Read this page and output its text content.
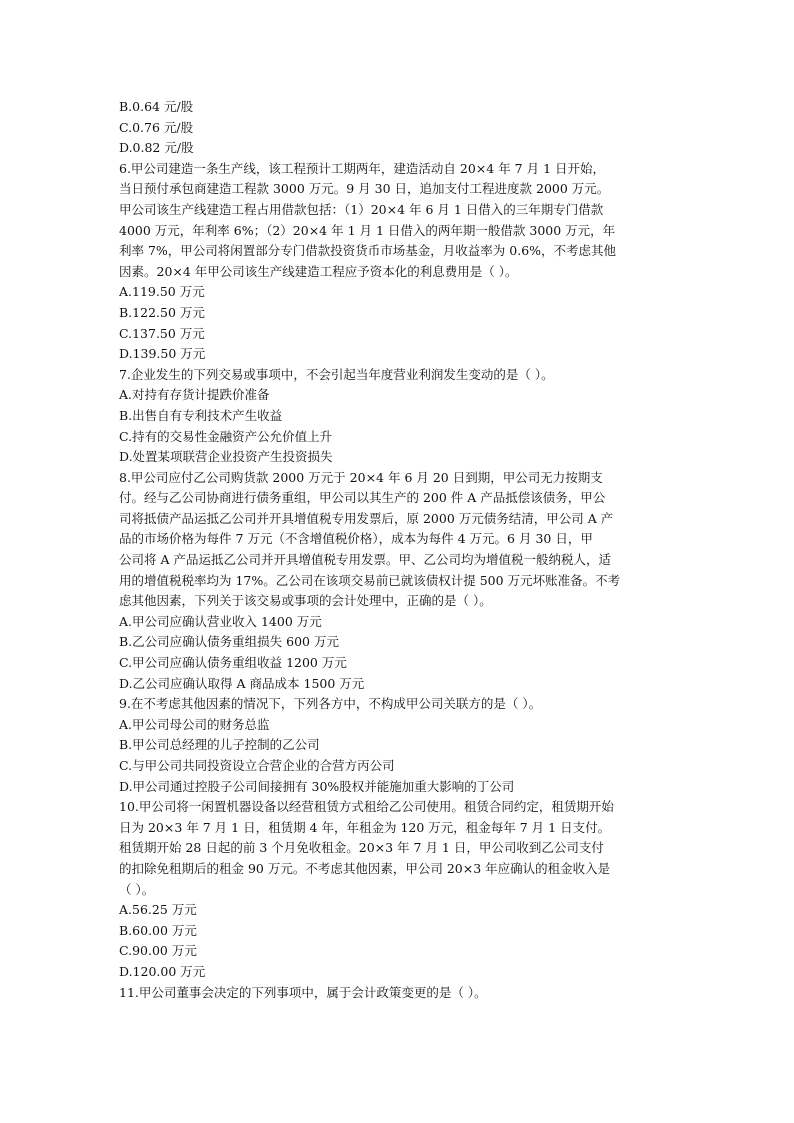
B.0.64 元/股
C.0.76 元/股
D.0.82 元/股
6.甲公司建造一条生产线，该工程预计工期两年，建造活动自 20×4 年 7 月 1 日开始，
当日预付承包商建造工程款 3000 万元。9 月 30 日，追加支付工程进度款 2000 万元。
甲公司该生产线建造工程占用借款包括：（1）20×4 年 6 月 1 日借入的三年期专门借款
4000 万元，年利率 6%；（2）20×4 年 1 月 1 日借入的两年期一般借款 3000 万元，年
利率 7%，甲公司将闲置部分专门借款投资货币市场基金，月收益率为 0.6%，不考虑其他
因素。20×4 年甲公司该生产线建造工程应予资本化的利息费用是（ ）。
A.119.50 万元
B.122.50 万元
C.137.50 万元
D.139.50 万元
7.企业发生的下列交易或事项中，不会引起当年度营业利润发生变动的是（ ）。
A.对持有存货计提跌价准备
B.出售自有专利技术产生收益
C.持有的交易性金融资产公允价值上升
D.处置某项联营企业投资产生投资损失
8.甲公司应付乙公司购货款 2000 万元于 20×4 年 6 月 20 日到期，甲公司无力按期支
付。经与乙公司协商进行债务重组，甲公司以其生产的 200 件 A 产品抵偿该债务，甲公
司将抵债产品运抵乙公司并开具增值税专用发票后，原 2000 万元债务结清，甲公司 A 产
品的市场价格为每件 7 万元（不含增值税价格），成本为每件 4 万元。6 月 30 日，甲
公司将 A 产品运抵乙公司并开具增值税专用发票。甲、乙公司均为增值税一般纳税人，适
用的增值税税率均为 17%。乙公司在该项交易前已就该债权计提 500 万元坏账准备。不考
虑其他因素，下列关于该交易或事项的会计处理中，正确的是（ ）。
A.甲公司应确认营业收入 1400 万元
B.乙公司应确认债务重组损失 600 万元
C.甲公司应确认债务重组收益 1200 万元
D.乙公司应确认取得 A 商品成本 1500 万元
9.在不考虑其他因素的情况下，下列各方中，不构成甲公司关联方的是（ ）。
A.甲公司母公司的财务总监
B.甲公司总经理的儿子控制的乙公司
C.与甲公司共同投资设立合营企业的合营方丙公司
D.甲公司通过控股子公司间接拥有 30%股权并能施加重大影响的丁公司
10.甲公司将一闲置机器设备以经营租赁方式租给乙公司使用。租赁合同约定，租赁期开始
日为 20×3 年 7 月 1 日，租赁期 4 年，年租金为 120 万元，租金每年 7 月 1 日支付。
租赁期开始 28 日起的前 3 个月免收租金。20×3 年 7 月 1 日，甲公司收到乙公司支付
的扣除免租期后的租金 90 万元。不考虑其他因素，甲公司 20×3 年应确认的租金收入是
（ ）。
A.56.25 万元
B.60.00 万元
C.90.00 万元
D.120.00 万元
11.甲公司董事会决定的下列事项中，属于会计政策变更的是（ ）。
